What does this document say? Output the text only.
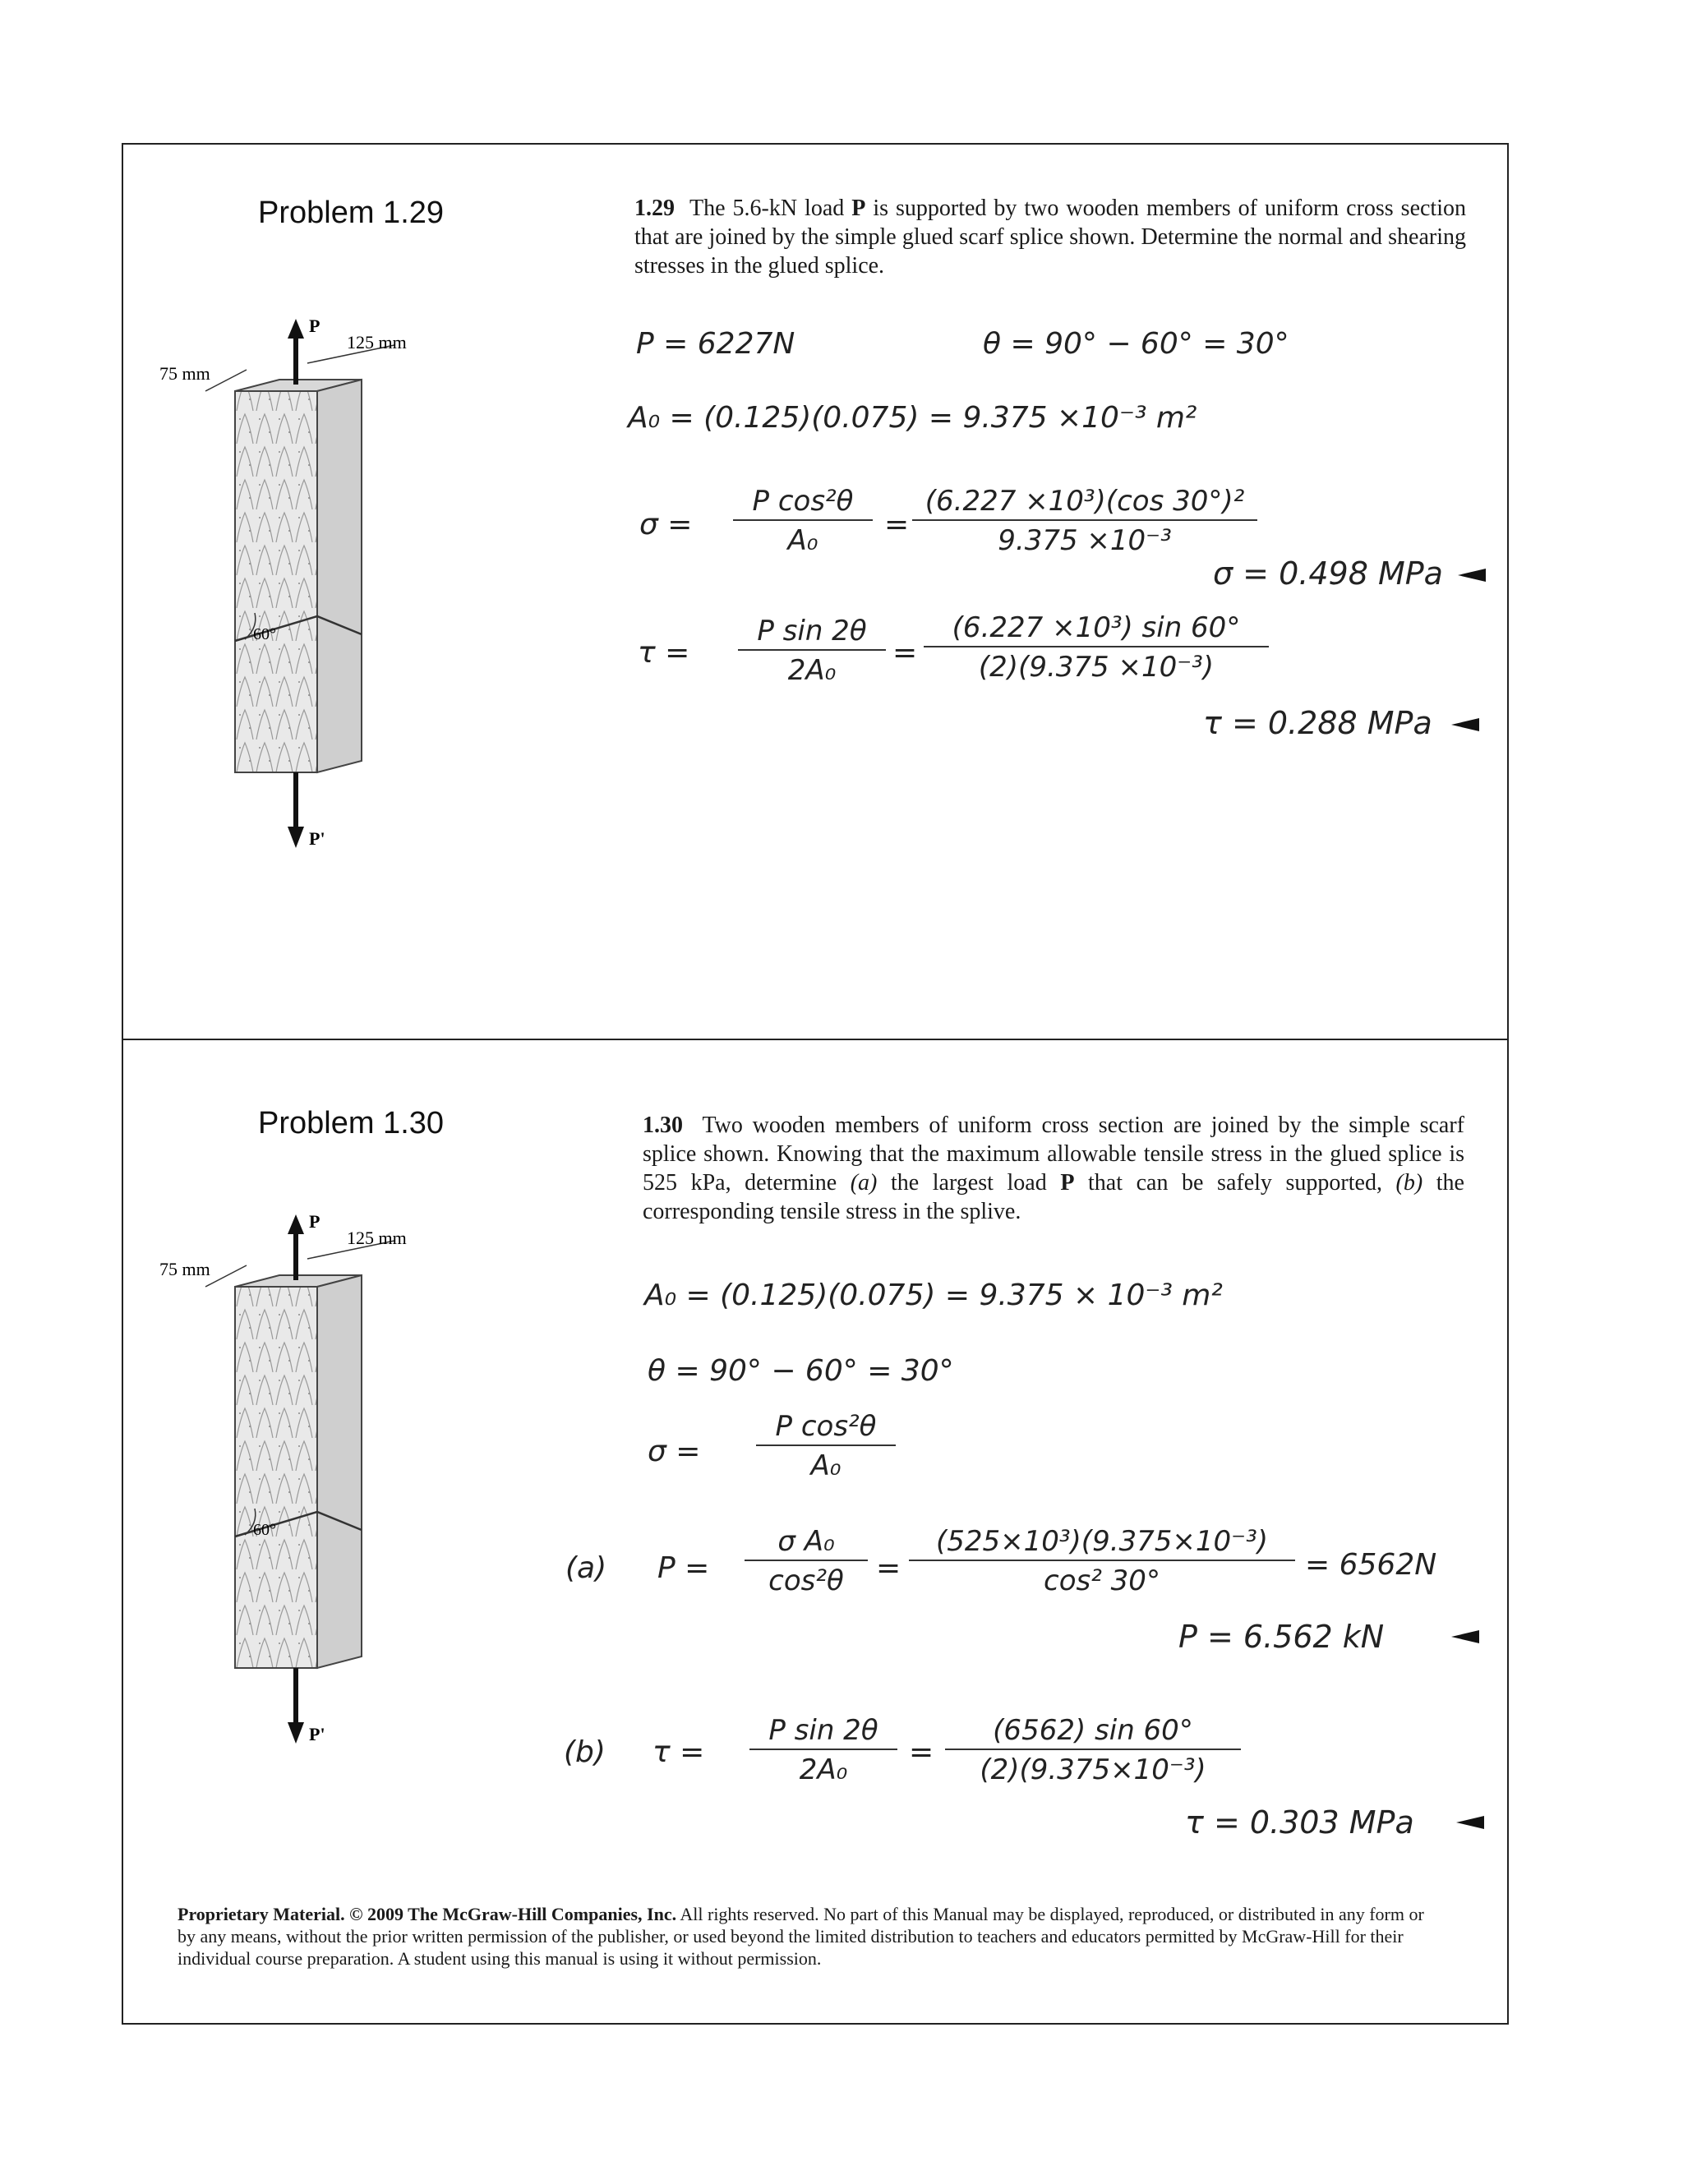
Problem 1.29	1.29 The 5.6-kN load P is supported by two wooden members of uniform cross section that are joined by the simple glued scarf splice shown. Determine the normal and shearing stresses in the glued splice.
P
P'
125 mm
75 mm
60°
P = 6227N	θ = 90° − 60° = 30°
A₀ = (0.125)(0.075) = 9.375 ×10⁻³ m²
$\sigma = \frac{\text{P cos²θ}}{\text{A₀}} = \frac{\text{(6.227 ×10³)(cos 30°)²}}{\text{9.375 ×10⁻³}}$
σ = 0.498 MPa
$\tau = \frac{\text{P sin 2θ}}{\text{2A₀}} = \frac{\text{(6.227 ×10³) sin 60°}}{\text{(2)(9.375 ×10⁻³)}}$
τ = 0.288 MPa
Problem 1.30	1.30 Two wooden members of uniform cross section are joined by the simple scarf splice shown. Knowing that the maximum allowable tensile stress in the glued splice is 525 kPa, determine (a) the largest load P that can be safely supported, (b) the corresponding tensile stress in the splive.
P
P'
125 mm
75 mm
60°
A₀ = (0.125)(0.075) = 9.375 × 10⁻³ m²
θ = 90° − 60° = 30°
$\sigma = \frac{\text{P cos²θ}}{\text{A₀}}$
(a) $P = \frac{\text{σ A₀}}{\text{cos²θ}} = \frac{\text{(525×10³)(9.375×10⁻³)}}{\text{cos² 30°}} = 6562N$
P = 6.562 kN
(b) $\tau = \frac{\text{P sin 2θ}}{\text{2A₀}} = \frac{(6562) \sin 60^\circ}{\text{(2)(9.375×10⁻³)}}$
τ = 0.303 MPa
Proprietary Material. © 2009 The McGraw-Hill Companies, Inc. All rights reserved. No part of this Manual may be displayed, reproduced, or distributed in any form or by any means, without the prior written permission of the publisher, or used beyond the limited distribution to teachers and educators permitted by McGraw-Hill for their individual course preparation. A student using this manual is using it without permission.
